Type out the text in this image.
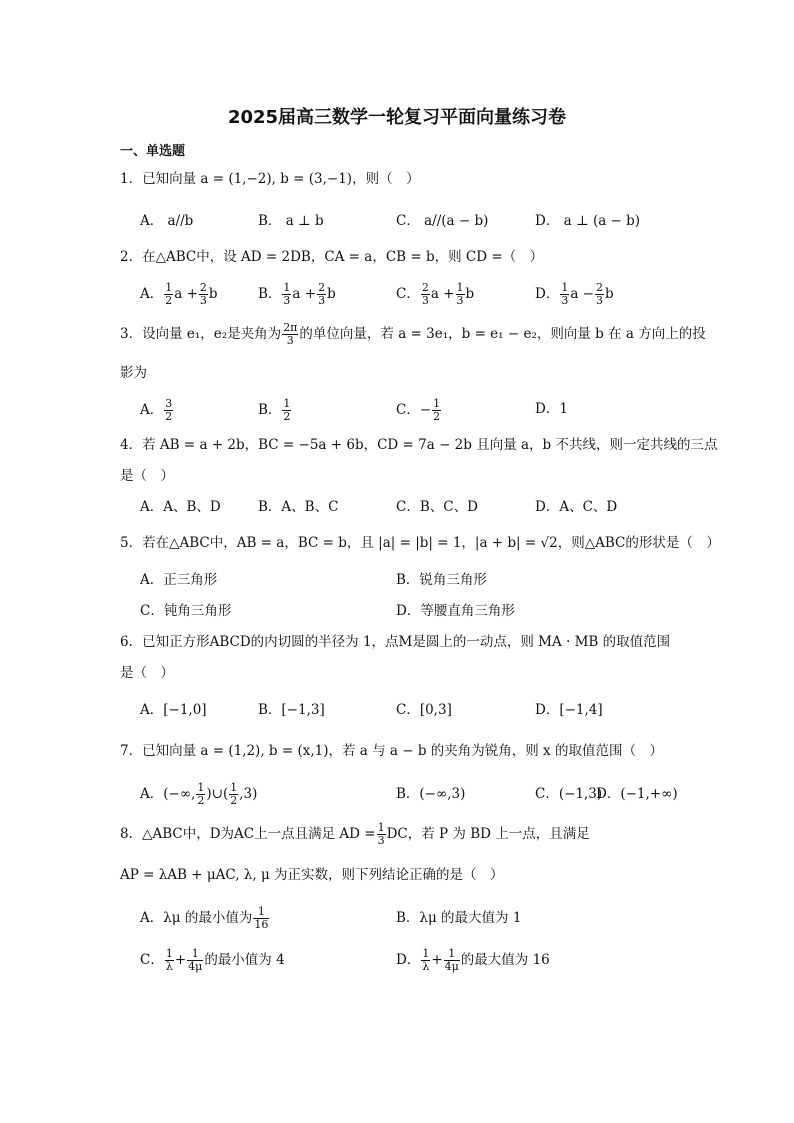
2025届高三数学一轮复习平面向量练习卷
一、单选题
1．已知向量 a = (1,−2), b = (3,−1)，则（　）
A． a//b	B． a ⊥ b	C． a//(a − b)	D． a ⊥ (a − b)
2．在△ABC中，设 AD = 2DB，CA = a，CB = b，则 CD =（　）
A． $\frac{1}{2}$ $a + \frac{2}{3}$ b	B． $\frac{1}{3}$ $a + \frac{2}{3}$ b	C． $\frac{2}{3}$ $a + \frac{1}{3}$ b	D． $\frac{1}{3}$ $a - \frac{2}{3}$ b
3．设向量 e₁，e₂是夹角为 $\frac{2\pi}{3}$ 的单位向量，若 a = 3e₁，b = e₁ − e₂，则向量 b 在 a 方向上的投
影为
A． $\frac{3}{2}$	B． $\frac{1}{2}$	C．− $\frac{1}{2}$	D．1
4．若 AB = a + 2b，BC = −5a + 6b，CD = 7a − 2b 且向量 a，b 不共线，则一定共线的三点
是（　）
A．A、B、D	B．A、B、C	C．B、C、D	D．A、C、D
5．若在△ABC中，AB = a，BC = b，且 |a| = |b| = 1，|a + b| = √2，则△ABC的形状是（　）
A．正三角形	B．锐角三角形
C．钝角三角形	D．等腰直角三角形
6．已知正方形ABCD的内切圆的半径为 1，点M是圆上的一动点，则 MA · MB 的取值范围
是（　）
A．[−1,0]	B．[−1,3]	C．[0,3]	D．[−1,4]
7．已知向量 a = (1,2), b = (x,1)，若 a 与 a − b 的夹角为锐角，则 x 的取值范围（　）
A．(−∞, $\frac{1}{2}$ )∪( $\frac{1}{2} ,3$)	B．(−∞,3)	C．(−1,3)
D．(−1,+∞)
8．△ABC中，D为AC上一点且满足 AD = $\frac{1}{3}$ DC，若 P 为 BD 上一点，且满足
AP = λAB + μAC, λ, μ 为正实数，则下列结论正确的是（　）
A．λμ 的最小值为 $\frac{1}{16}$	B．λμ 的最大值为 1
C． $\frac{1}{\lambda} + \frac{1}{4\mu}$ 的最小值为 4	D． $\frac{1}{\lambda} + \frac{1}{4\mu}$ 的最大值为 16
